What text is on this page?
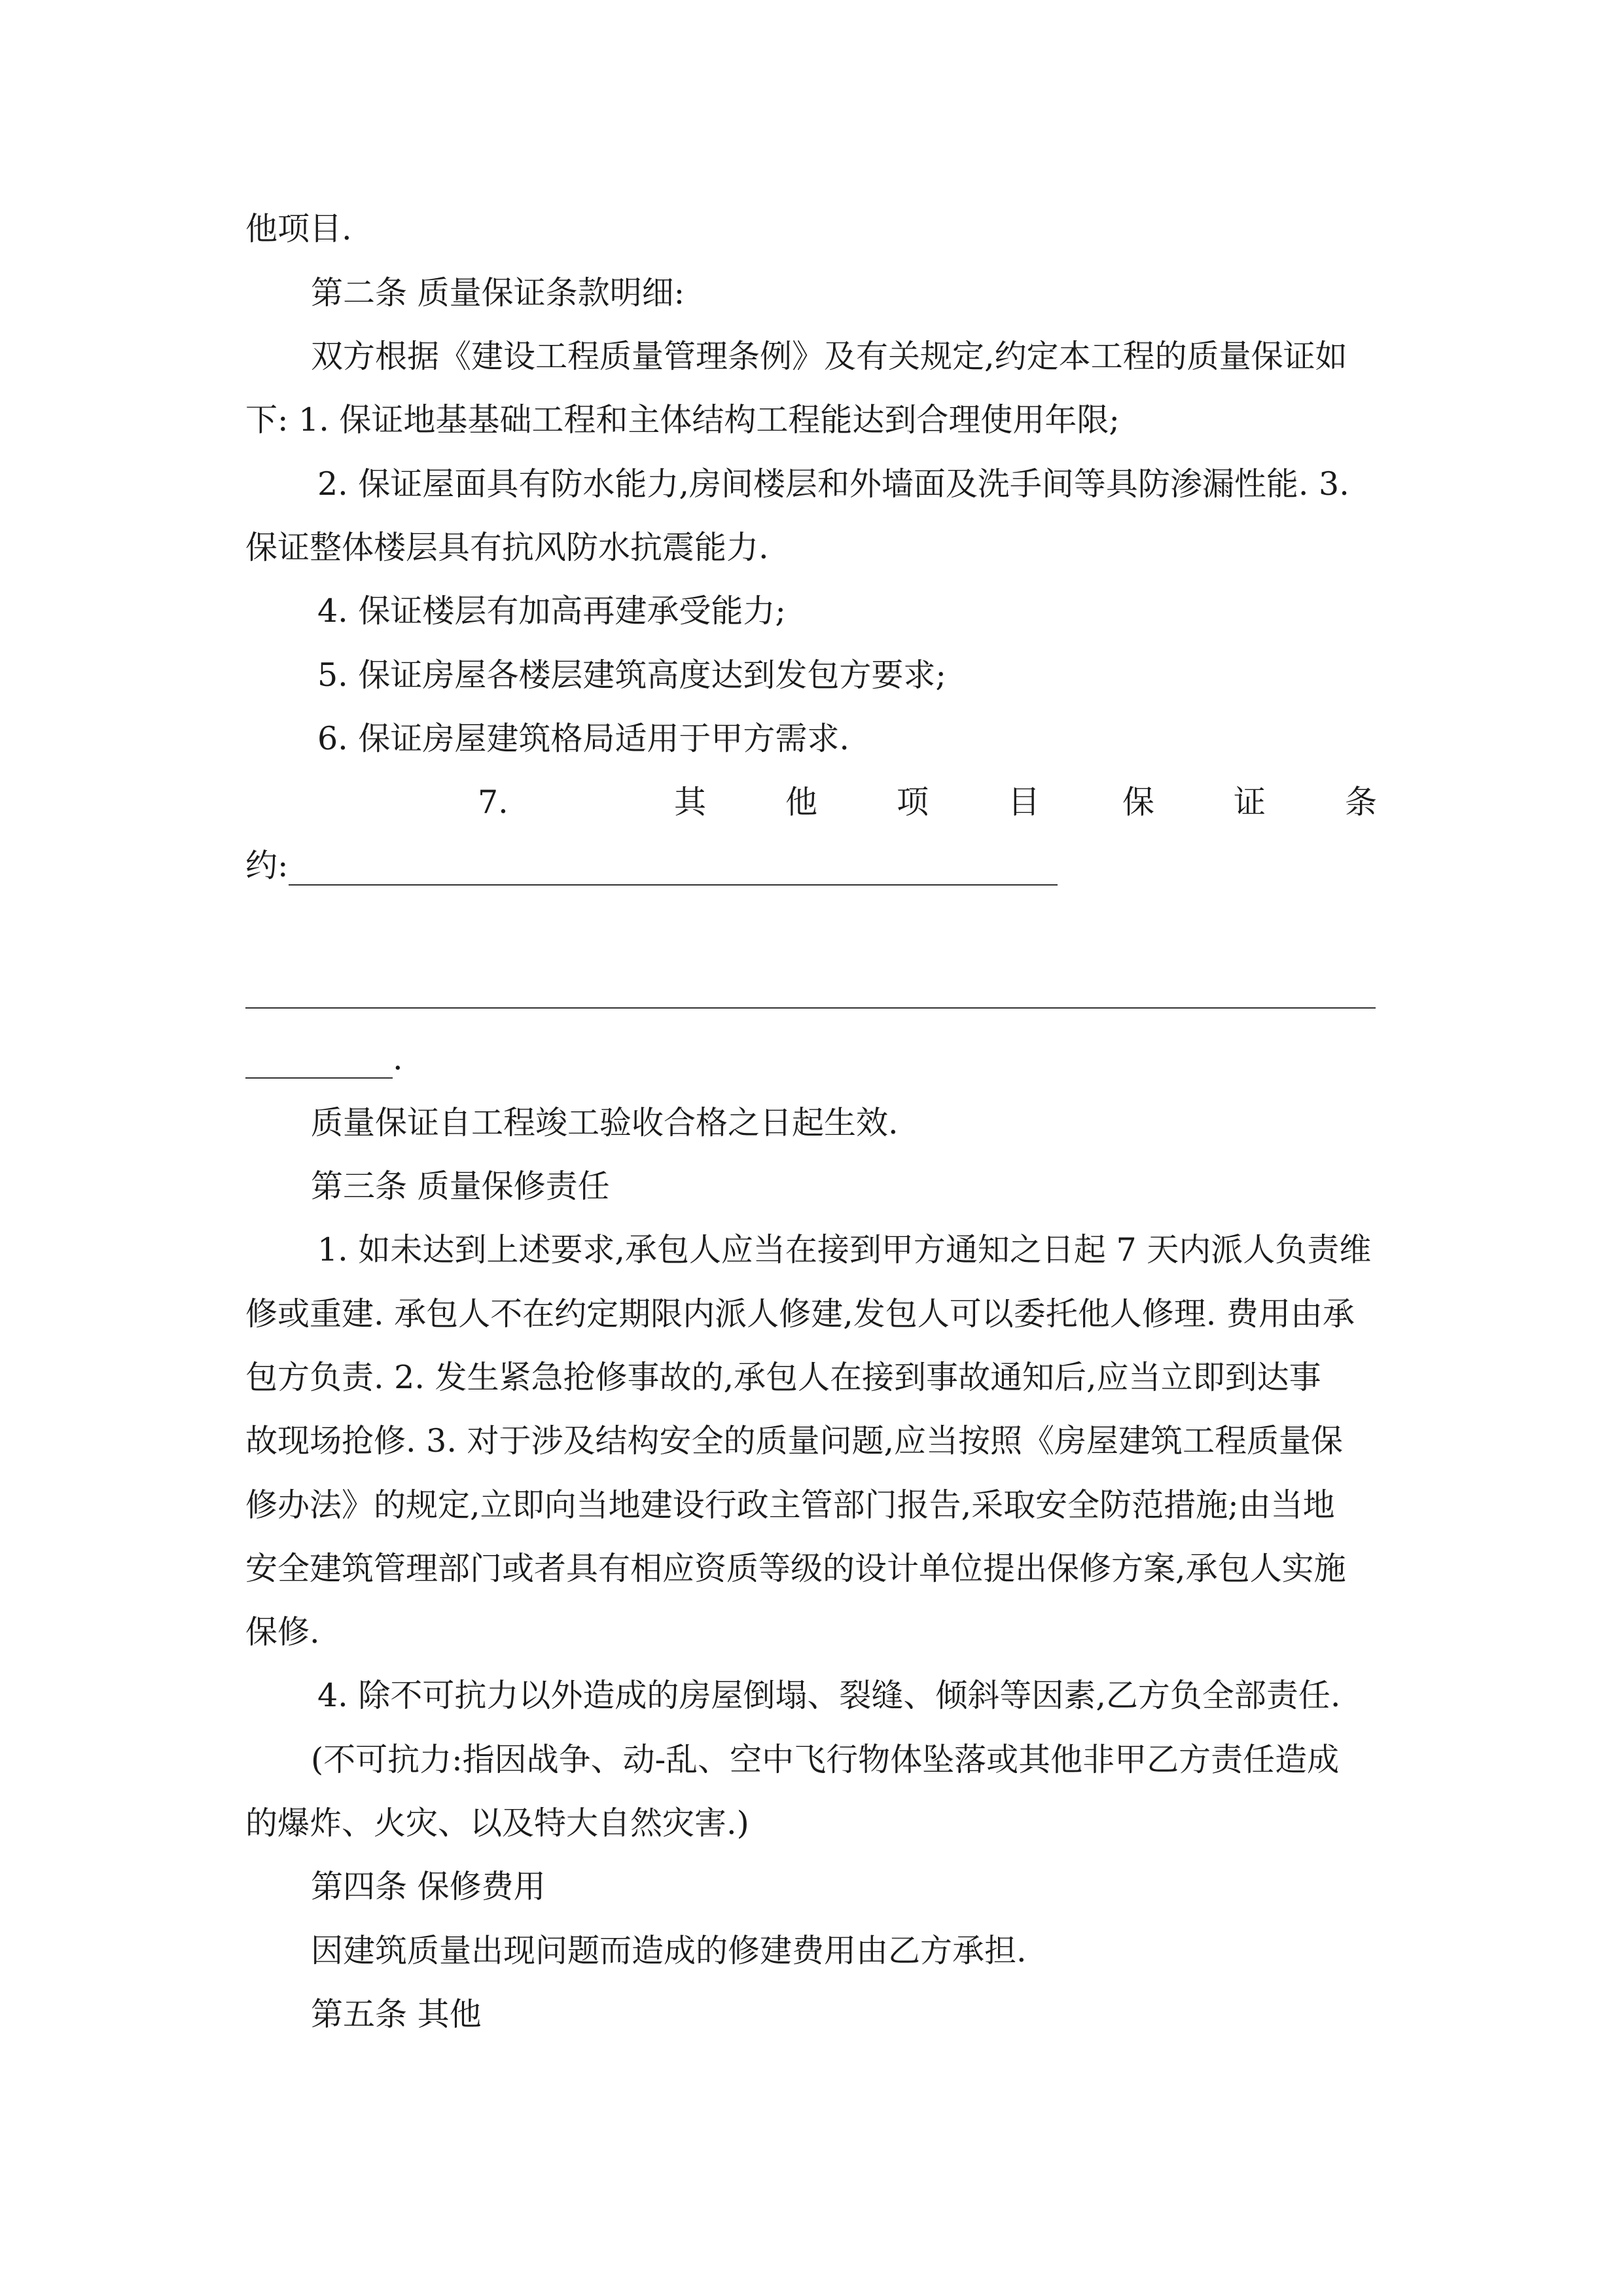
他项目.

第二条 质量保证条款明细:

双方根据《建设工程质量管理条例》及有关规定,约定本工程的质量保证如

下: 1. 保证地基基础工程和主体结构工程能达到合理使用年限;

2. 保证屋面具有防水能力,房间楼层和外墙面及洗手间等具防渗漏性能. 3.

保证整体楼层具有抗风防水抗震能力.

4. 保证楼层有加高再建承受能力;

5. 保证房屋各楼层建筑高度达到发包方要求;

6. 保证房屋建筑格局适用于甲方需求.

7.	其 他 项 目	保 证 条

约:

.

质量保证自工程竣工验收合格之日起生效.

第三条 质量保修责任

1. 如未达到上述要求,承包人应当在接到甲方通知之日起 7 天内派人负责维

修或重建. 承包人不在约定期限内派人修建,发包人可以委托他人修理. 费用由承

包方负责. 2. 发生紧急抢修事故的,承包人在接到事故通知后,应当立即到达事

故现场抢修. 3. 对于涉及结构安全的质量问题,应当按照《房屋建筑工程质量保

修办法》的规定,立即向当地建设行政主管部门报告,采取安全防范措施;由当地

安全建筑管理部门或者具有相应资质等级的设计单位提出保修方案,承包人实施

保修.

4. 除不可抗力以外造成的房屋倒塌、裂缝、倾斜等因素,乙方负全部责任.

(不可抗力:指因战争、动-乱、空中飞行物体坠落或其他非甲乙方责任造成

的爆炸、火灾、以及特大自然灾害.)

第四条 保修费用

因建筑质量出现问题而造成的修建费用由乙方承担.

第五条 其他
